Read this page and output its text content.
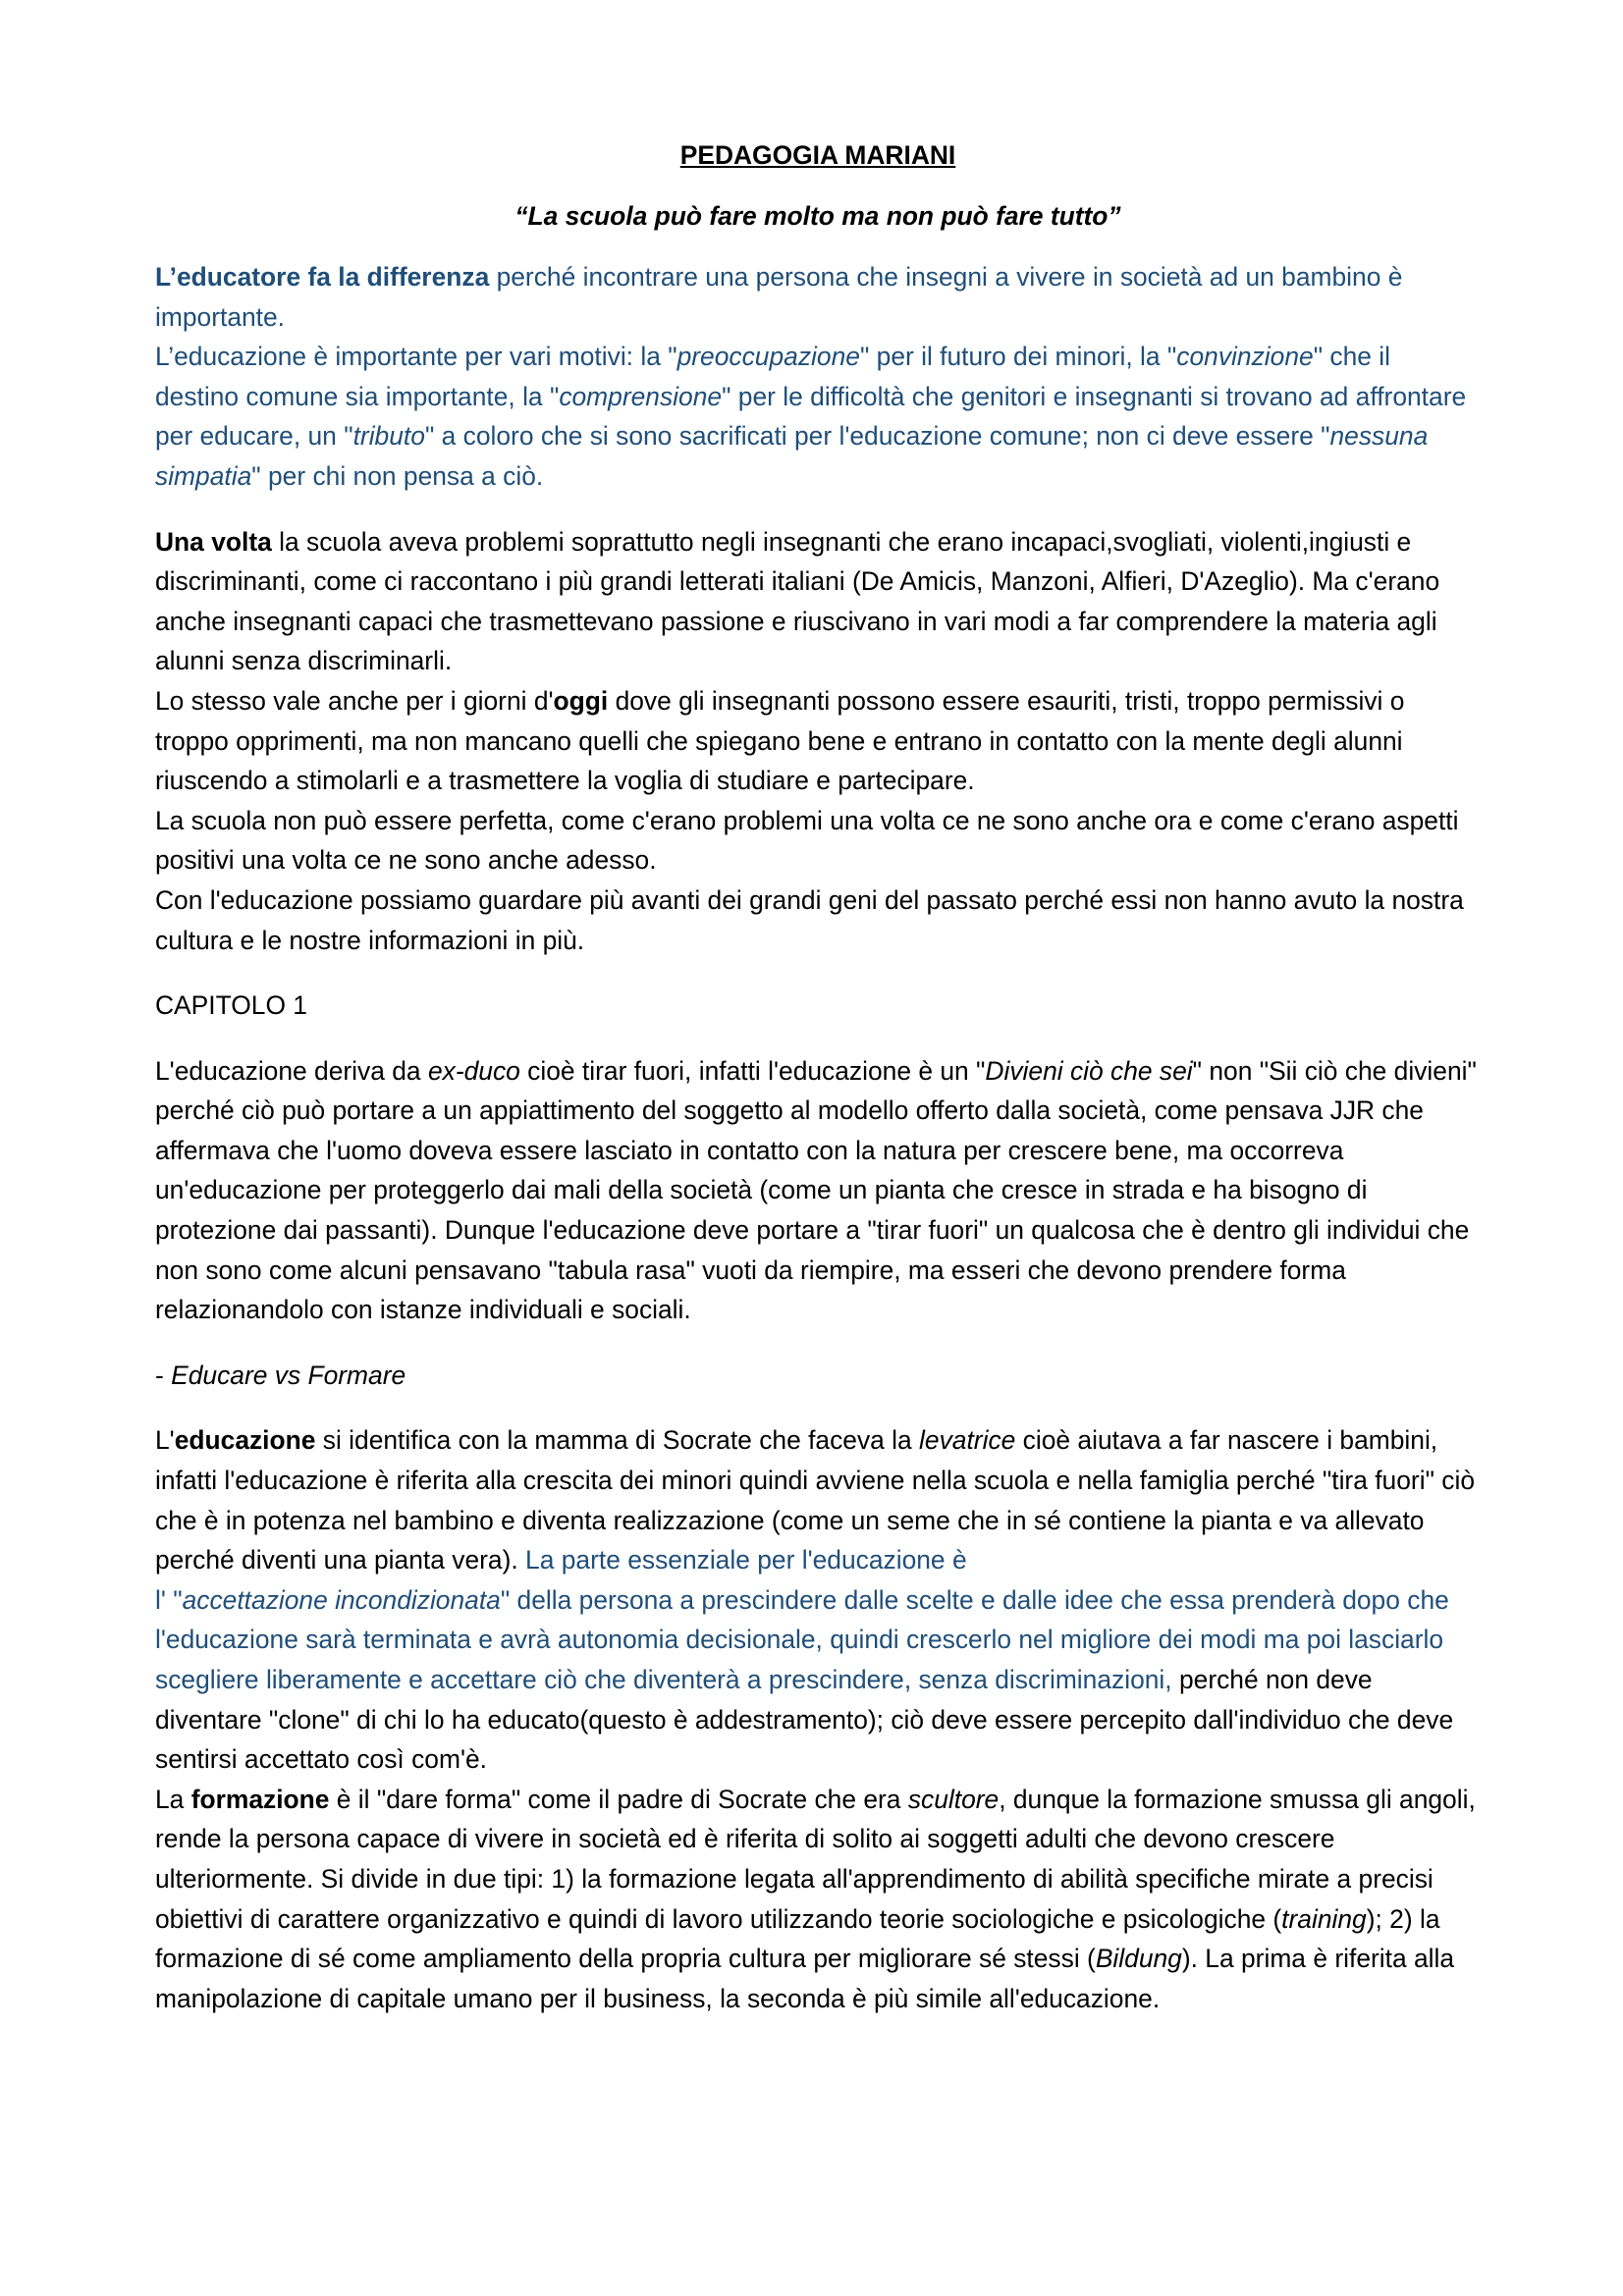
PEDAGOGIA MARIANI

“La scuola può fare molto ma non può fare tutto”

L’educatore fa la differenza perché incontrare una persona che insegni a vivere in società ad un bambino è importante.

L’educazione è importante per vari motivi: la "preoccupazione" per il futuro dei minori, la "convinzione" che il destino comune sia importante, la "comprensione" per le difficoltà che genitori e insegnanti si trovano ad affrontare per educare, un "tributo" a coloro che si sono sacrificati per l'educazione comune; non ci deve essere "nessuna simpatia" per chi non pensa a ciò.

Una volta la scuola aveva problemi soprattutto negli insegnanti che erano incapaci,svogliati, violenti,ingiusti e discriminanti, come ci raccontano i più grandi letterati italiani (De Amicis, Manzoni, Alfieri, D'Azeglio). Ma c'erano anche insegnanti capaci che trasmettevano passione e riuscivano in vari modi a far comprendere la materia agli alunni senza discriminarli.

Lo stesso vale anche per i giorni d'oggi dove gli insegnanti possono essere esauriti, tristi, troppo permissivi o troppo opprimenti, ma non mancano quelli che spiegano bene e entrano in contatto con la mente degli alunni riuscendo a stimolarli e a trasmettere la voglia di studiare e partecipare.

La scuola non può essere perfetta, come c'erano problemi una volta ce ne sono anche ora e come c'erano aspetti positivi una volta ce ne sono anche adesso.

Con l'educazione possiamo guardare più avanti dei grandi geni del passato perché essi non hanno avuto la nostra cultura e le nostre informazioni in più.

CAPITOLO 1

L'educazione deriva da ex-duco cioè tirar fuori, infatti l'educazione è un "Divieni ciò che sei" non "Sii ciò che divieni" perché ciò può portare a un appiattimento del soggetto al modello offerto dalla società, come pensava JJR che affermava che l'uomo doveva essere lasciato in contatto con la natura per crescere bene, ma occorreva un'educazione per proteggerlo dai mali della società (come un pianta che cresce in strada e ha bisogno di protezione dai passanti). Dunque l'educazione deve portare a "tirar fuori" un qualcosa che è dentro gli individui che non sono come alcuni pensavano "tabula rasa" vuoti da riempire, ma esseri che devono prendere forma relazionandolo con istanze individuali e sociali.

- Educare vs Formare

L'educazione si identifica con la mamma di Socrate che faceva la levatrice cioè aiutava a far nascere i bambini, infatti l'educazione è riferita alla crescita dei minori quindi avviene nella scuola e nella famiglia perché "tira fuori" ciò che è in potenza nel bambino e diventa realizzazione (come un seme che in sé contiene la pianta e va allevato perché diventi una pianta vera). La parte essenziale per l'educazione è
l' "accettazione incondizionata" della persona a prescindere dalle scelte e dalle idee che essa prenderà dopo che l'educazione sarà terminata e avrà autonomia decisionale, quindi crescerlo nel migliore dei modi ma poi lasciarlo scegliere liberamente e accettare ciò che diventerà a prescindere, senza discriminazioni, perché non deve diventare "clone" di chi lo ha educato(questo è addestramento); ciò deve essere percepito dall'individuo che deve sentirsi accettato così com'è.

La formazione è il "dare forma" come il padre di Socrate che era scultore, dunque la formazione smussa gli angoli, rende la persona capace di vivere in società ed è riferita di solito ai soggetti adulti che devono crescere ulteriormente. Si divide in due tipi: 1) la formazione legata all'apprendimento di abilità specifiche mirate a precisi obiettivi di carattere organizzativo e quindi di lavoro utilizzando teorie sociologiche e psicologiche (training); 2) la formazione di sé come ampliamento della propria cultura per migliorare sé stessi (Bildung). La prima è riferita alla manipolazione di capitale umano per il business, la seconda è più simile all'educazione.
